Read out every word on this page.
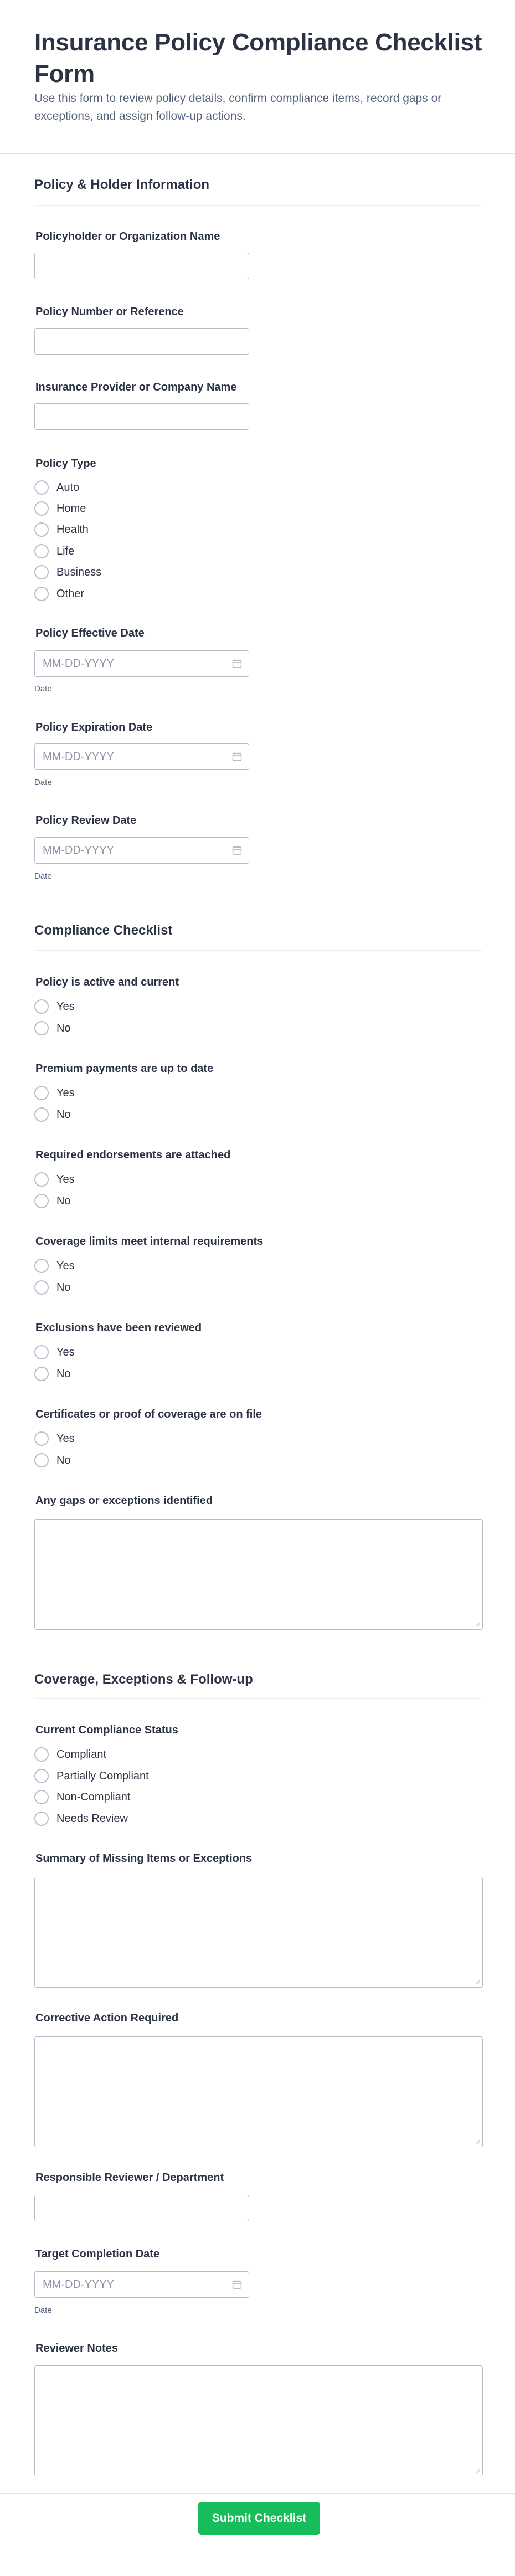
Insurance Policy Compliance Checklist Form
Use this form to review policy details, confirm compliance items, record gaps or exceptions, and assign follow-up actions.
Policy & Holder Information
Policyholder or Organization Name
Policy Number or Reference
Insurance Provider or Company Name
Policy Type
Auto
Home
Health
Life
Business
Other
Policy Effective Date
MM-DD-YYYY
Date
Policy Expiration Date
MM-DD-YYYY
Date
Policy Review Date
MM-DD-YYYY
Date
Compliance Checklist
Policy is active and current
Yes
No
Premium payments are up to date
Yes
No
Required endorsements are attached
Yes
No
Coverage limits meet internal requirements
Yes
No
Exclusions have been reviewed
Yes
No
Certificates or proof of coverage are on file
Yes
No
Any gaps or exceptions identified
Coverage, Exceptions & Follow-up
Current Compliance Status
Compliant
Partially Compliant
Non-Compliant
Needs Review
Summary of Missing Items or Exceptions
Corrective Action Required
Responsible Reviewer / Department
Target Completion Date
MM-DD-YYYY
Date
Reviewer Notes
Submit Checklist
